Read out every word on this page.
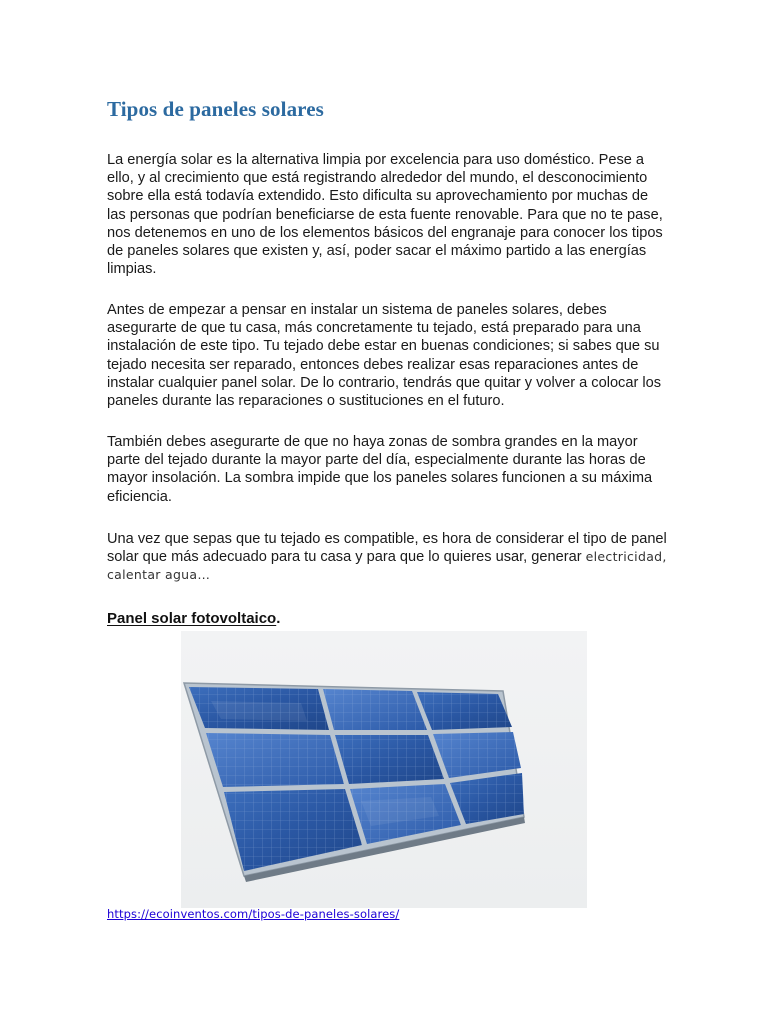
Tipos de paneles solares

La energía solar es la alternativa limpia por excelencia para uso doméstico. Pese a ello, y al crecimiento que está registrando alrededor del mundo, el desconocimiento sobre ella está todavía extendido. Esto dificulta su aprovechamiento por muchas de las personas que podrían beneficiarse de esta fuente renovable. Para que no te pase, nos detenemos en uno de los elementos básicos del engranaje para conocer los tipos de paneles solares que existen y, así, poder sacar el máximo partido a las energías limpias.

Antes de empezar a pensar en instalar un sistema de paneles solares, debes asegurarte de que tu casa, más concretamente tu tejado, está preparado para una instalación de este tipo. Tu tejado debe estar en buenas condiciones; si sabes que su tejado necesita ser reparado, entonces debes realizar esas reparaciones antes de instalar cualquier panel solar. De lo contrario, tendrás que quitar y volver a colocar los paneles durante las reparaciones o sustituciones en el futuro.

También debes asegurarte de que no haya zonas de sombra grandes en la mayor parte del tejado durante la mayor parte del día, especialmente durante las horas de mayor insolación. La sombra impide que los paneles solares funcionen a su máxima eficiencia.

Una vez que sepas que tu tejado es compatible, es hora de considerar el tipo de panel solar que más adecuado para tu casa y para que lo quieres usar, generar electricidad, calentar agua…

Panel solar fotovoltaico.
https://ecoinventos.com/tipos-de-paneles-solares/
